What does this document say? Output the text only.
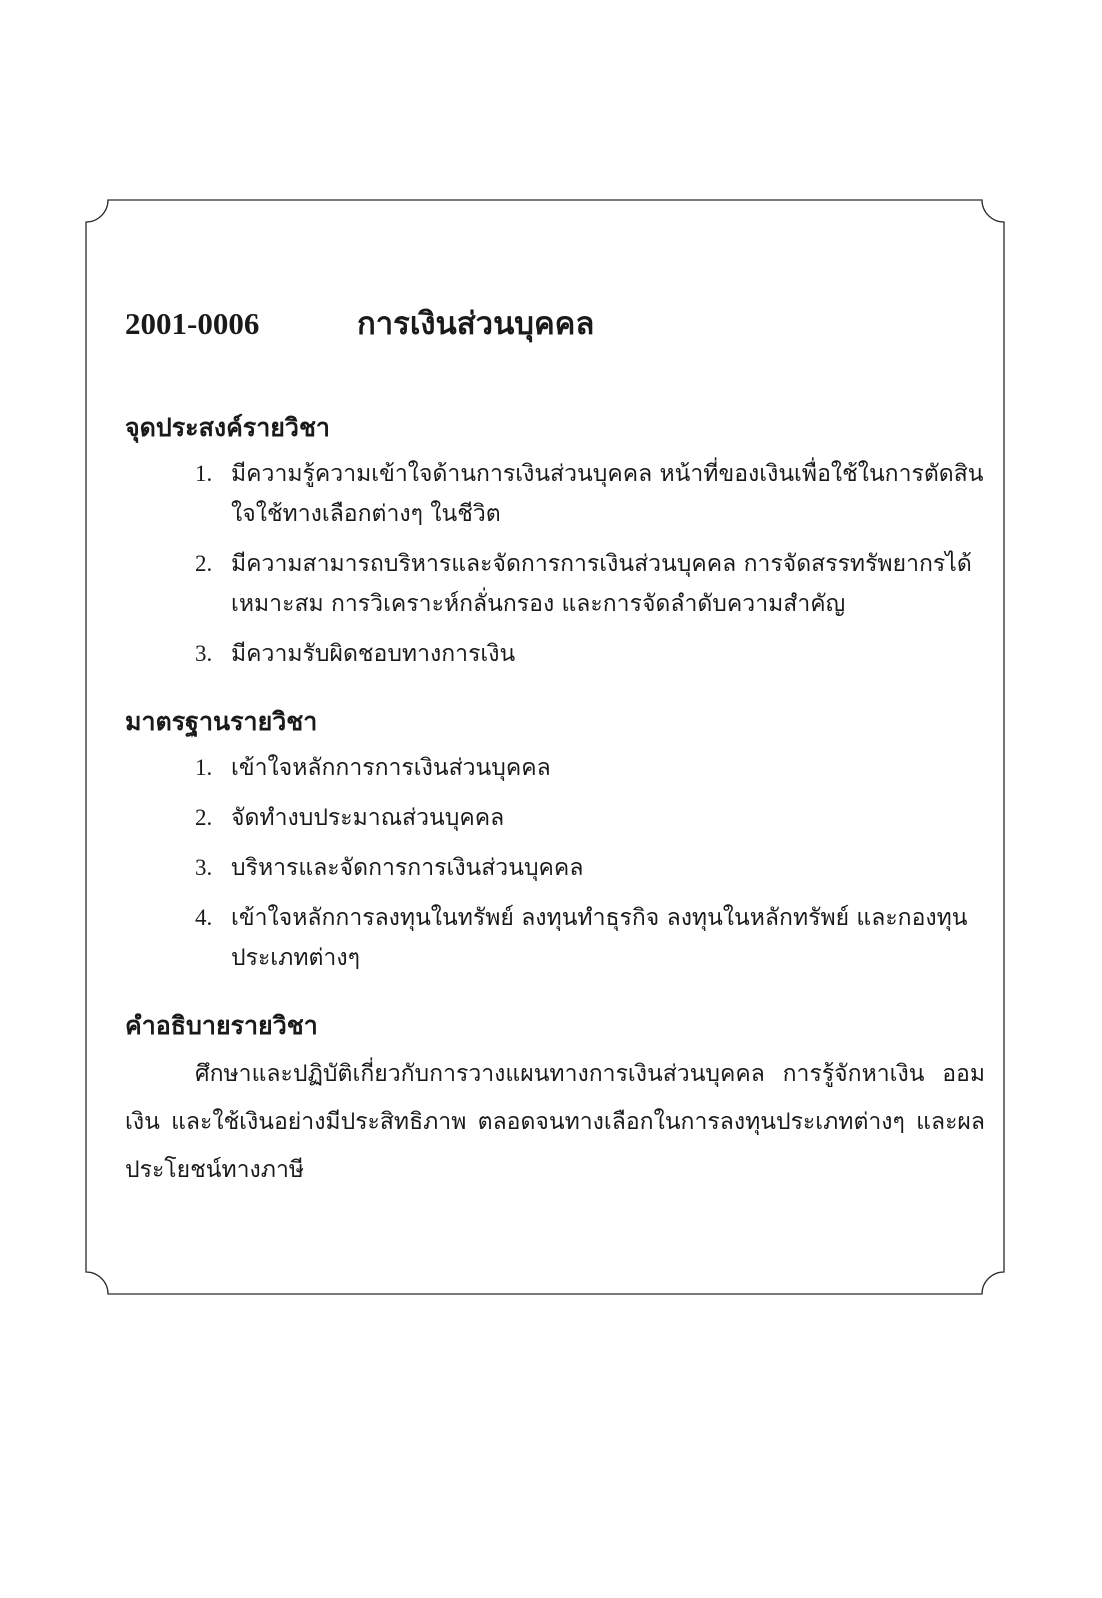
2001-0006	การเงินส่วนบุคคล
จุดประสงค์รายวิชา
1. มีความรู้ความเข้าใจด้านการเงินส่วนบุคคล หน้าที่ของเงินเพื่อใช้ในการตัดสินใจใช้ทางเลือกต่างๆ ในชีวิต
2. มีความสามารถบริหารและจัดการการเงินส่วนบุคคล การจัดสรรทรัพยากรได้เหมาะสม การวิเคราะห์กลั่นกรอง และการจัดลำดับความสำคัญ
3. มีความรับผิดชอบทางการเงิน
มาตรฐานรายวิชา
1. เข้าใจหลักการการเงินส่วนบุคคล
2. จัดทำงบประมาณส่วนบุคคล
3. บริหารและจัดการการเงินส่วนบุคคล
4. เข้าใจหลักการลงทุนในทรัพย์ ลงทุนทำธุรกิจ ลงทุนในหลักทรัพย์ และกองทุนประเภทต่างๆ
คำอธิบายรายวิชา

ศึกษาและปฏิบัติเกี่ยวกับการวางแผนทางการเงินส่วนบุคคล การรู้จักหาเงิน ออมเงิน และใช้เงินอย่างมีประสิทธิภาพ ตลอดจนทางเลือกในการลงทุนประเภทต่างๆ และผลประโยชน์ทางภาษี
